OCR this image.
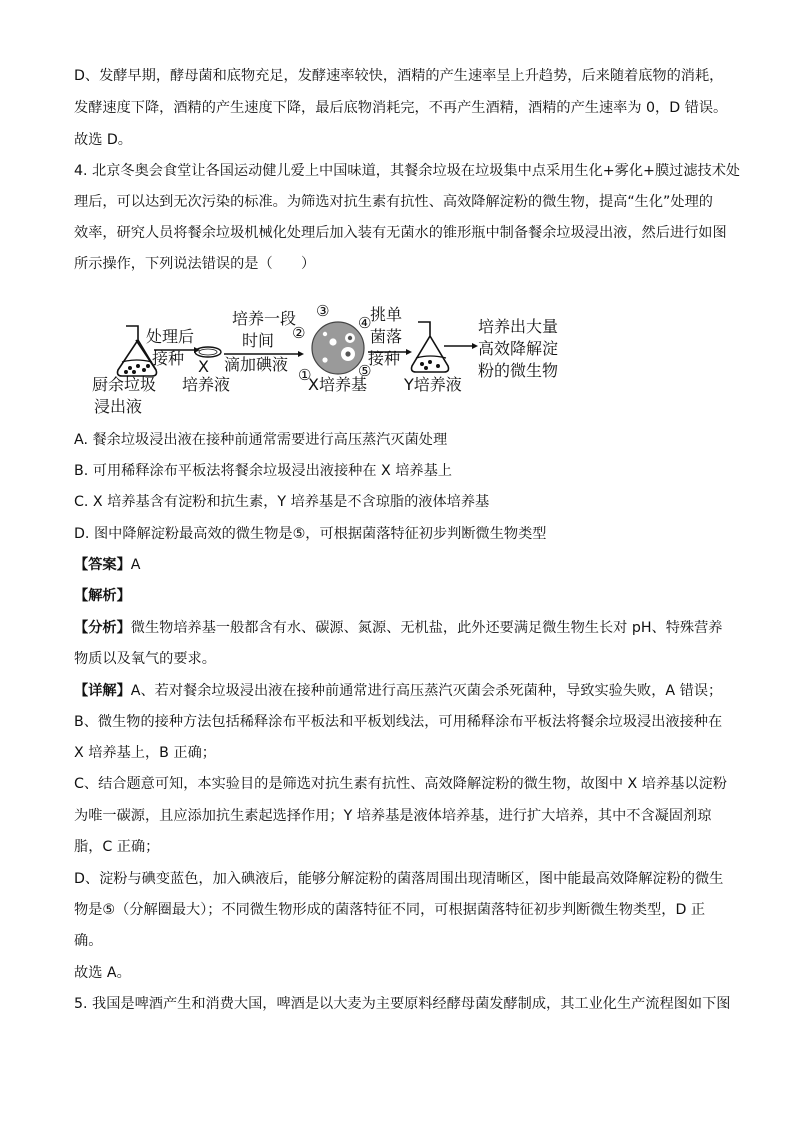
D、发酵早期，酵母菌和底物充足，发酵速率较快，酒精的产生速率呈上升趋势，后来随着底物的消耗，
发酵速度下降，酒精的产生速度下降，最后底物消耗完，不再产生酒精，酒精的产生速率为 0，D 错误。
故选 D。
4. 北京冬奥会食堂让各国运动健儿爱上中国味道，其餐余垃圾在垃圾集中点采用生化+雾化+膜过滤技术处
理后，可以达到无次污染的标准。为筛选对抗生素有抗性、高效降解淀粉的微生物，提高“生化”处理的
效率，研究人员将餐余垃圾机械化处理后加入装有无菌水的锥形瓶中制备餐余垃圾浸出液，然后进行如图
所示操作，下列说法错误的是（　　）
处理后
接种 X
培养液
厨余垃圾
浸出液
培养一段
时间
滴加碘液
③
②
④
①	⑤
X培养基
挑单
菌落
接种
Y培养液
培养出大量
高效降解淀
粉的微生物
A. 餐余垃圾浸出液在接种前通常需要进行高压蒸汽灭菌处理
B. 可用稀释涂布平板法将餐余垃圾浸出液接种在 X 培养基上
C. X 培养基含有淀粉和抗生素，Y 培养基是不含琼脂的液体培养基
D. 图中降解淀粉最高效的微生物是⑤，可根据菌落特征初步判断微生物类型
【答案】A
【解析】
【分析】微生物培养基一般都含有水、碳源、氮源、无机盐，此外还要满足微生物生长对 pH、特殊营养
物质以及氧气的要求。
【详解】A、若对餐余垃圾浸出液在接种前通常进行高压蒸汽灭菌会杀死菌种，导致实验失败，A 错误；
B、微生物的接种方法包括稀释涂布平板法和平板划线法，可用稀释涂布平板法将餐余垃圾浸出液接种在
X 培养基上，B 正确；
C、结合题意可知，本实验目的是筛选对抗生素有抗性、高效降解淀粉的微生物，故图中 X 培养基以淀粉
为唯一碳源，且应添加抗生素起选择作用；Y 培养基是液体培养基，进行扩大培养，其中不含凝固剂琼
脂，C 正确；
D、淀粉与碘变蓝色，加入碘液后，能够分解淀粉的菌落周围出现清晰区，图中能最高效降解淀粉的微生
物是⑤（分解圈最大）；不同微生物形成的菌落特征不同，可根据菌落特征初步判断微生物类型，D 正
确。
故选 A。
5. 我国是啤酒产生和消费大国，啤酒是以大麦为主要原料经酵母菌发酵制成，其工业化生产流程图如下图
